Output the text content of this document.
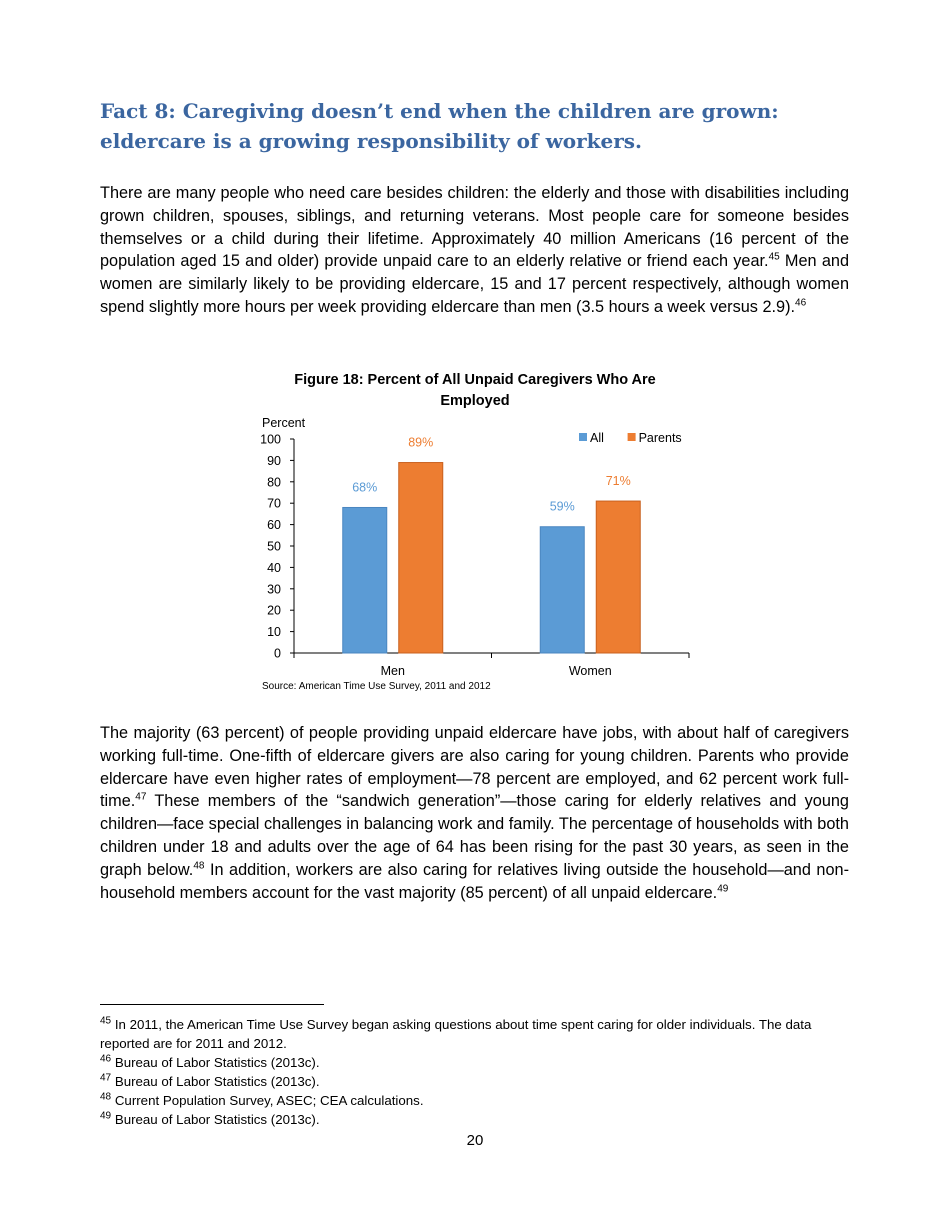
Fact 8: Caregiving doesn’t end when the children are grown: eldercare is a growing responsibility of workers.

There are many people who need care besides children: the elderly and those with disabilities including grown children, spouses, siblings, and returning veterans. Most people care for someone besides themselves or a child during their lifetime. Approximately 40 million Americans (16 percent of the population aged 15 and older) provide unpaid care to an elderly relative or friend each year.$^{45}$ Men and women are similarly likely to be providing eldercare, 15 and 17 percent respectively, although women spend slightly more hours per week providing eldercare than men (3.5 hours a week versus 2.9).$^{46}$

Figure 18: Percent of All Unpaid Caregivers Who Are Employed
Percent
0
10
20
30
40
50
60
70
80
90
100
68%
89%
Men
59%
71%
Women
All	Parents
Source: American Time Use Survey, 2011 and 2012

The majority (63 percent) of people providing unpaid eldercare have jobs, with about half of caregivers working full-time. One-fifth of eldercare givers are also caring for young children. Parents who provide eldercare have even higher rates of employment—78 percent are employed, and 62 percent work full-time.$^{47}$ These members of the “sandwich generation”—those caring for elderly relatives and young children—face special challenges in balancing work and family. The percentage of households with both children under 18 and adults over the age of 64 has been rising for the past 30 years, as seen in the graph below.$^{48}$ In addition, workers are also caring for relatives living outside the household—and non-household members account for the vast majority (85 percent) of all unpaid eldercare.$^{49}$

$^{45}$ In 2011, the American Time Use Survey began asking questions about time spent caring for older individuals. The data reported are for 2011 and 2012.
$^{46}$ Bureau of Labor Statistics (2013c).
$^{47}$ Bureau of Labor Statistics (2013c).
$^{48}$ Current Population Survey, ASEC; CEA calculations.
$^{49}$ Bureau of Labor Statistics (2013c).
20
